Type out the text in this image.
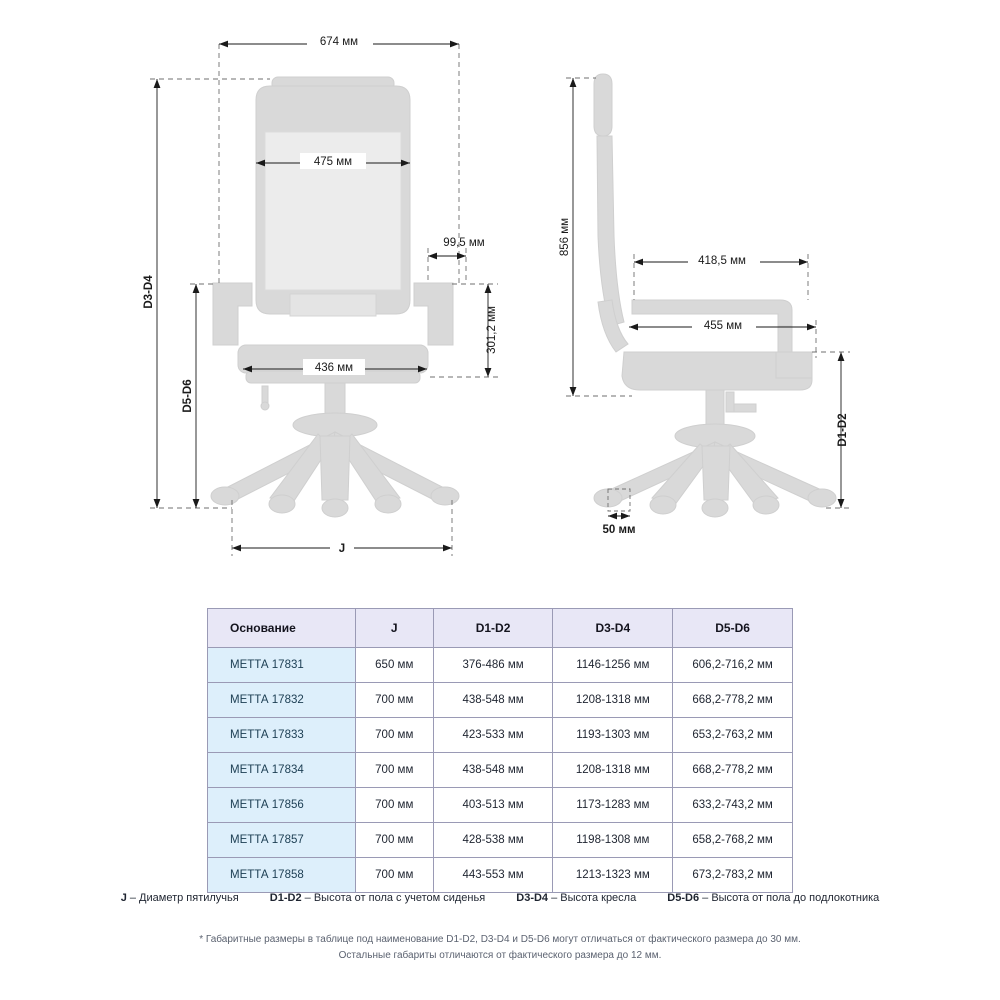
674 мм
475 мм
99,5 мм
436 мм
301,2 мм
D3-D4
D5-D6
J
856 мм
418,5 мм
455 мм
D1-D2
50 мм
Основание	J	D1-D2	D3-D4	D5-D6
МЕТТА 17831	650 мм	376-486 мм	1146-1256 мм	606,2-716,2 мм
МЕТТА 17832	700 мм	438-548 мм	1208-1318 мм	668,2-778,2 мм
МЕТТА 17833	700 мм	423-533 мм	1193-1303 мм	653,2-763,2 мм
МЕТТА 17834	700 мм	438-548 мм	1208-1318 мм	668,2-778,2 мм
МЕТТА 17856	700 мм	403-513 мм	1173-1283 мм	633,2-743,2 мм
МЕТТА 17857	700 мм	428-538 мм	1198-1308 мм	658,2-768,2 мм
МЕТТА 17858	700 мм	443-553 мм	1213-1323 мм	673,2-783,2 мм
J – Диаметр пятилучья	D1-D2 – Высота от пола с учетом сиденья	D3-D4 – Высота кресла	D5-D6 – Высота от пола до подлокотника
* Габаритные размеры в таблице под наименование D1-D2, D3-D4 и D5-D6 могут отличаться от фактического размера до 30 мм.
Остальные габариты отличаются от фактического размера до 12 мм.
